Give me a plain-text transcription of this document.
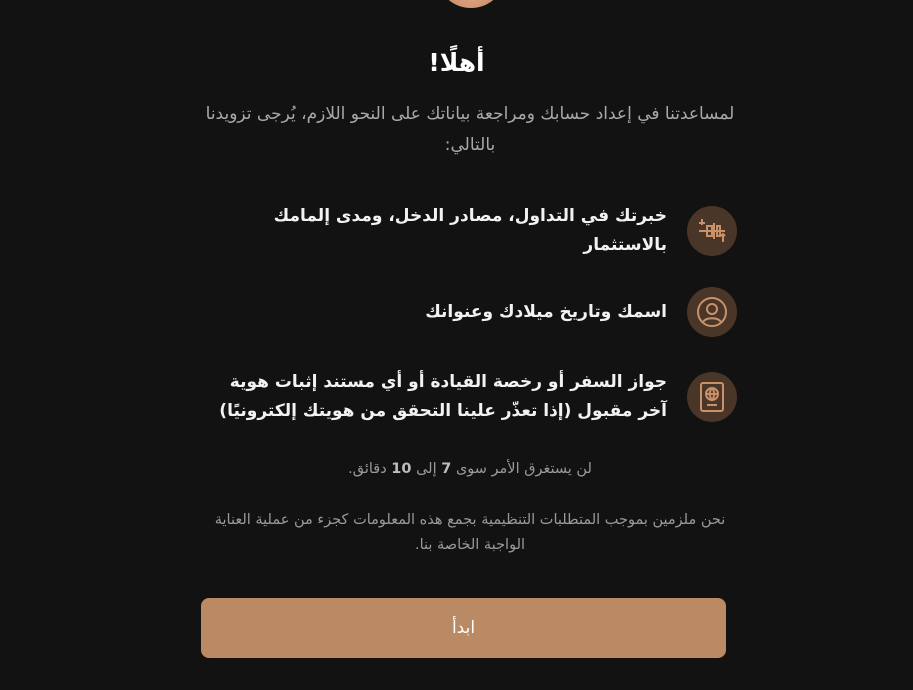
أهلًا!
لمساعدتنا في إعداد حسابك ومراجعة بياناتك على النحو اللازم، يُرجى تزويدنا بالتالي:
خبرتك في التداول، مصادر الدخل، ومدى إلمامك بالاستثمار
اسمك وتاريخ ميلادك وعنوانك
جواز السفر أو رخصة القيادة أو أي مستند إثبات هوية آخر مقبول (إذا تعذّر علينا التحقق من هويتك إلكترونيًا)
لن يستغرق الأمر سوى 7 إلى 10 دقائق.
نحن ملزمين بموجب المتطلبات التنظيمية بجمع هذه المعلومات كجزء من عملية العناية الواجبة الخاصة بنا.
ابدأ
